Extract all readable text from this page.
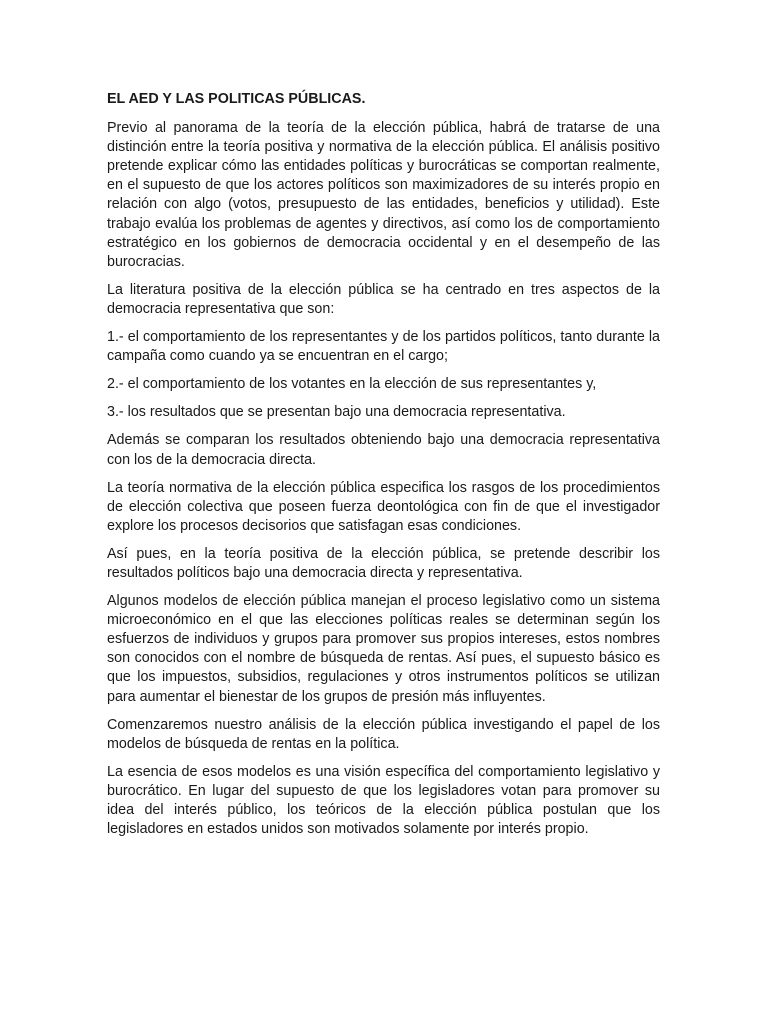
EL AED Y LAS POLITICAS PÚBLICAS.

Previo al panorama de la teoría de la elección pública, habrá de tratarse de una distinción entre la teoría positiva y normativa de la elección pública. El análisis positivo pretende explicar cómo las entidades políticas y burocráticas se comportan realmente, en el supuesto de que los actores políticos son maximizadores de su interés propio en relación con algo (votos, presupuesto de las entidades, beneficios y utilidad). Este trabajo evalúa los problemas de agentes y directivos, así como los de comportamiento estratégico en los gobiernos de democracia occidental y en el desempeño de las burocracias.

La literatura positiva de la elección pública se ha centrado en tres aspectos de la democracia representativa que son:

1.- el comportamiento de los representantes y de los partidos políticos, tanto durante la campaña como cuando ya se encuentran en el cargo;

2.- el comportamiento de los votantes en la elección de sus representantes y,

3.- los resultados que se presentan bajo una democracia representativa.

Además se comparan los resultados obteniendo bajo una democracia representativa con los de la democracia directa.

La teoría normativa de la elección pública especifica los rasgos de los procedimientos de elección colectiva que poseen fuerza deontológica con fin de que el investigador explore los procesos decisorios que satisfagan esas condiciones.

Así pues, en la teoría positiva de la elección pública, se pretende describir los resultados políticos bajo una democracia directa y representativa.

Algunos modelos de elección pública manejan el proceso legislativo como un sistema microeconómico en el que las elecciones políticas reales se determinan según los esfuerzos de individuos y grupos para promover sus propios intereses, estos nombres son conocidos con el nombre de búsqueda de rentas. Así pues, el supuesto básico es que los impuestos, subsidios, regulaciones y otros instrumentos políticos se utilizan para aumentar el bienestar de los grupos de presión más influyentes.

Comenzaremos nuestro análisis de la elección pública investigando el papel de los modelos de búsqueda de rentas en la política.

La esencia de esos modelos es una visión específica del comportamiento legislativo y burocrático. En lugar del supuesto de que los legisladores votan para promover su idea del interés público, los teóricos de la elección pública postulan que los legisladores en estados unidos son motivados solamente por interés propio.
